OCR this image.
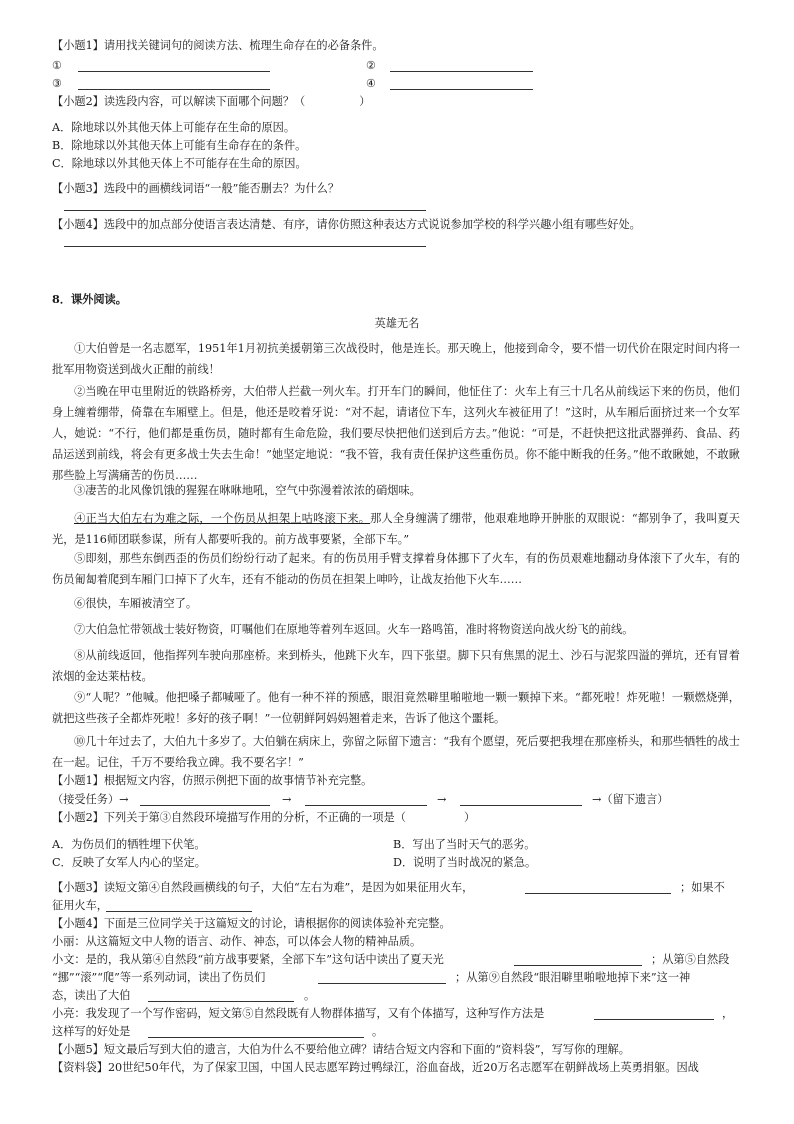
【小题1】请用找关键词句的阅读方法、梳理生命存在的必备条件。
①	②
③	④
【小题2】读选段内容，可以解读下面哪个问题？（	）
A．除地球以外其他天体上可能存在生命的原因。
B．除地球以外其他天体上可能有生命存在的条件。
C．除地球以外其他天体上不可能存在生命的原因。
【小题3】选段中的画横线词语“一般”能否删去？为什么？
【小题4】选段中的加点部分使语言表达清楚、有序，请你仿照这种表达方式说说参加学校的科学兴趣小组有哪些好处。
8．课外阅读。
英雄无名
①大伯曾是一名志愿军，1951年1月初抗美援朝第三次战役时，他是连长。那天晚上，他接到命令，要不惜一切代价在限定时间内将一批军用物资送到战火正酣的前线！
②当晚在甲屯里附近的铁路桥旁，大伯带人拦截一列火车。打开车门的瞬间，他怔住了：火车上有三十几名从前线运下来的伤员，他们身上缠着绷带，倚靠在车厢壁上。但是，他还是咬着牙说：“对不起，请诸位下车，这列火车被征用了！”这时，从车厢后面挤过来一个女军人，她说：“不行，他们都是重伤员，随时都有生命危险，我们要尽快把他们送到后方去。”他说：“可是，不赶快把这批武器弹药、食品、药品运送到前线，将会有更多战士失去生命！”她坚定地说：“我不管，我有责任保护这些重伤员。你不能中断我的任务。”他不敢瞅她，不敢瞅那些脸上写满痛苦的伤员……
③凄苦的北风像饥饿的猩猩在咻咻地吼，空气中弥漫着浓浓的硝烟味。
④正当大伯左右为难之际，一个伤员从担架上咕咚滚下来。那人全身缠满了绷带，他艰难地睁开肿胀的双眼说：“都别争了，我叫夏天光，是116师团联参谋，所有人都要听我的。前方战事要紧，全部下车。”
⑤即刻，那些东倒西歪的伤员们纷纷行动了起来。有的伤员用手臂支撑着身体挪下了火车，有的伤员艰难地翻动身体滚下了火车，有的伤员匍匐着爬到车厢门口掉下了火车，还有不能动的伤员在担架上呻吟，让战友抬他下火车……
⑥很快，车厢被清空了。
⑦大伯急忙带领战士装好物资，叮嘱他们在原地等着列车返回。火车一路鸣笛，准时将物资送向战火纷飞的前线。
⑧从前线返回，他指挥列车驶向那座桥。来到桥头，他跳下火车，四下张望。脚下只有焦黑的泥土、沙石与泥浆四溢的弹坑，还有冒着浓烟的金达莱枯枝。
⑨“人呢？”他喊。他把嗓子都喊哑了。他有一种不祥的预感，眼泪竟然噼里啪啦地一颗一颗掉下来。“都死啦！炸死啦！一颗燃烧弹，就把这些孩子全都炸死啦！多好的孩子啊！”一位朝鲜阿妈妈翘着走来，告诉了他这个噩耗。
⑩几十年过去了，大伯九十多岁了。大伯躺在病床上，弥留之际留下遗言：“我有个愿望，死后要把我埋在那座桥头，和那些牺牲的战士在一起。记住，千万不要给我立碑。我不要名字！”
【小题1】根据短文内容，仿照示例把下面的故事情节补充完整。
（接受任务）→	→	→	→（留下遗言）
【小题2】下列关于第③自然段环境描写作用的分析，不正确的一项是（	）
A．为伤员们的牺牲埋下伏笔。	B．写出了当时天气的恶劣。
C．反映了女军人内心的坚定。	D．说明了当时战况的紧急。
【小题3】读短文第④自然段画横线的句子，大伯“左右为难”，是因为如果征用火车，	；如果不
征用火车，
【小题4】下面是三位同学关于这篇短文的讨论，请根据你的阅读体验补充完整。
小丽：从这篇短文中人物的语言、动作、神态，可以体会人物的精神品质。
小文：是的，我从第④自然段“前方战事要紧，全部下车”这句话中读出了夏天光	；从第⑤自然段
“挪”“滚”“爬”等一系列动词，读出了伤员们	；从第⑨自然段“眼泪噼里啪啦地掉下来”这一神
态，读出了大伯	。
小亮：我发现了一个写作密码，短文第⑤自然段既有人物群体描写，又有个体描写，这种写作方法是	，
这样写的好处是	。
【小题5】短文最后写到大伯的遗言，大伯为什么不要给他立碑？请结合短文内容和下面的“资料袋”，写写你的理解。
【资料袋】20世纪50年代，为了保家卫国，中国人民志愿军跨过鸭绿江，浴血奋战，近20万名志愿军在朝鲜战场上英勇捐躯。因战
